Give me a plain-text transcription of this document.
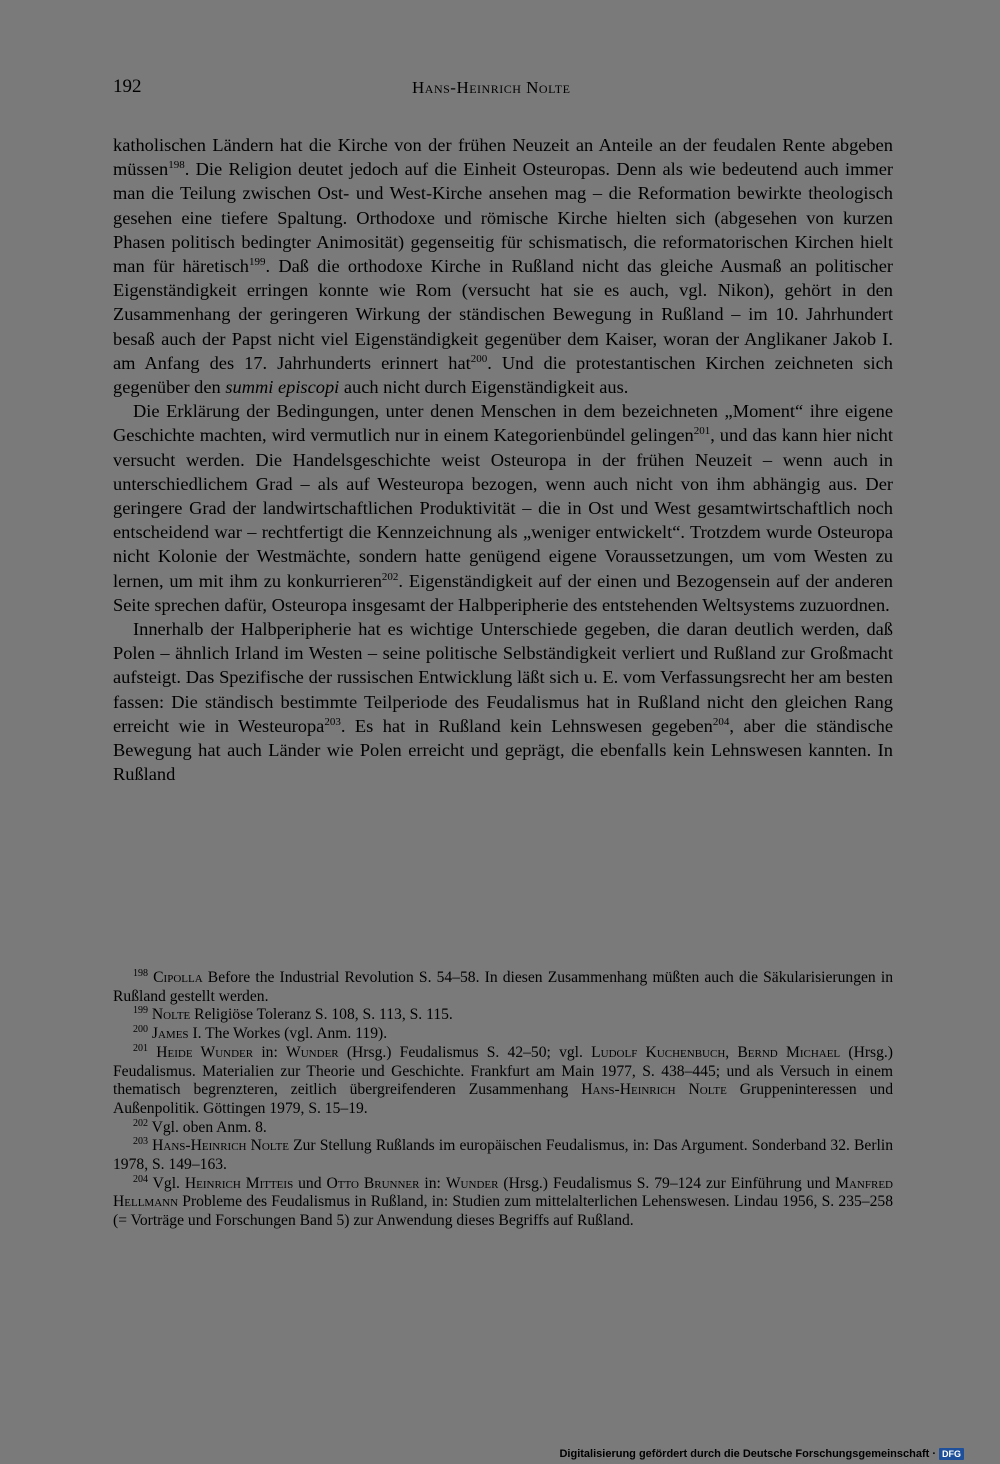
192	Hans-Heinrich Nolte

katholischen Ländern hat die Kirche von der frühen Neuzeit an Anteile an der feudalen Rente abgeben müssen$^{198}$. Die Religion deutet jedoch auf die Einheit Osteuropas. Denn als wie bedeutend auch immer man die Teilung zwischen Ost- und West-Kirche ansehen mag – die Reformation bewirkte theologisch gesehen eine tiefere Spaltung. Orthodoxe und römische Kirche hielten sich (abgesehen von kurzen Phasen politisch bedingter Animosität) gegenseitig für schismatisch, die reformatorischen Kirchen hielt man für häretisch$^{199}$. Daß die orthodoxe Kirche in Rußland nicht das gleiche Ausmaß an politischer Eigenständigkeit erringen konnte wie Rom (versucht hat sie es auch, vgl. Nikon), gehört in den Zusammenhang der geringeren Wirkung der ständischen Bewegung in Rußland – im 10. Jahrhundert besaß auch der Papst nicht viel Eigenständigkeit gegenüber dem Kaiser, woran der Anglikaner Jakob I. am Anfang des 17. Jahrhunderts erinnert hat$^{200}$. Und die protestantischen Kirchen zeichneten sich gegenüber den summi episcopi auch nicht durch Eigenständigkeit aus.

Die Erklärung der Bedingungen, unter denen Menschen in dem bezeichneten „Moment“ ihre eigene Geschichte machten, wird vermutlich nur in einem Kategorienbündel gelingen$^{201}$, und das kann hier nicht versucht werden. Die Handelsgeschichte weist Osteuropa in der frühen Neuzeit – wenn auch in unterschiedlichem Grad – als auf Westeuropa bezogen, wenn auch nicht von ihm abhängig aus. Der geringere Grad der landwirtschaftlichen Produktivität – die in Ost und West gesamtwirtschaftlich noch entscheidend war – rechtfertigt die Kennzeichnung als „weniger entwickelt“. Trotzdem wurde Osteuropa nicht Kolonie der Westmächte, sondern hatte genügend eigene Voraussetzungen, um vom Westen zu lernen, um mit ihm zu konkurrieren$^{202}$. Eigenständigkeit auf der einen und Bezogensein auf der anderen Seite sprechen dafür, Osteuropa insgesamt der Halbperipherie des entstehenden Weltsystems zuzuordnen.

Innerhalb der Halbperipherie hat es wichtige Unterschiede gegeben, die daran deutlich werden, daß Polen – ähnlich Irland im Westen – seine politische Selbständigkeit verliert und Rußland zur Großmacht aufsteigt. Das Spezifische der russischen Entwicklung läßt sich u. E. vom Verfassungsrecht her am besten fassen: Die ständisch bestimmte Teilperiode des Feudalismus hat in Rußland nicht den gleichen Rang erreicht wie in Westeuropa$^{203}$. Es hat in Rußland kein Lehnswesen gegeben$^{204}$, aber die ständische Bewegung hat auch Länder wie Polen erreicht und geprägt, die ebenfalls kein Lehnswesen kannten. In Rußland

$^{198}$ Cipolla Before the Industrial Revolution S. 54–58. In diesen Zusammenhang müßten auch die Säkularisierungen in Rußland gestellt werden.

$^{199}$ Nolte Religiöse Toleranz S. 108, S. 113, S. 115.

$^{200}$ James I. The Workes (vgl. Anm. 119).

$^{201}$ Heide Wunder in: Wunder (Hrsg.) Feudalismus S. 42–50; vgl. Ludolf Kuchenbuch, Bernd Michael (Hrsg.) Feudalismus. Materialien zur Theorie und Geschichte. Frankfurt am Main 1977, S. 438–445; und als Versuch in einem thematisch begrenzteren, zeitlich übergreifenderen Zusammenhang Hans-Heinrich Nolte Gruppeninteressen und Außenpolitik. Göttingen 1979, S. 15–19.

$^{202}$ Vgl. oben Anm. 8.

$^{203}$ Hans-Heinrich Nolte Zur Stellung Rußlands im europäischen Feudalismus, in: Das Argument. Sonderband 32. Berlin 1978, S. 149–163.

$^{204}$ Vgl. Heinrich Mitteis und Otto Brunner in: Wunder (Hrsg.) Feudalismus S. 79–124 zur Einführung und Manfred Hellmann Probleme des Feudalismus in Rußland, in: Studien zum mittelalterlichen Lehenswesen. Lindau 1956, S. 235–258 (= Vorträge und Forschungen Band 5) zur Anwendung dieses Begriffs auf Rußland.

Digitalisierung gefördert durch die Deutsche Forschungsgemeinschaft · DFG
